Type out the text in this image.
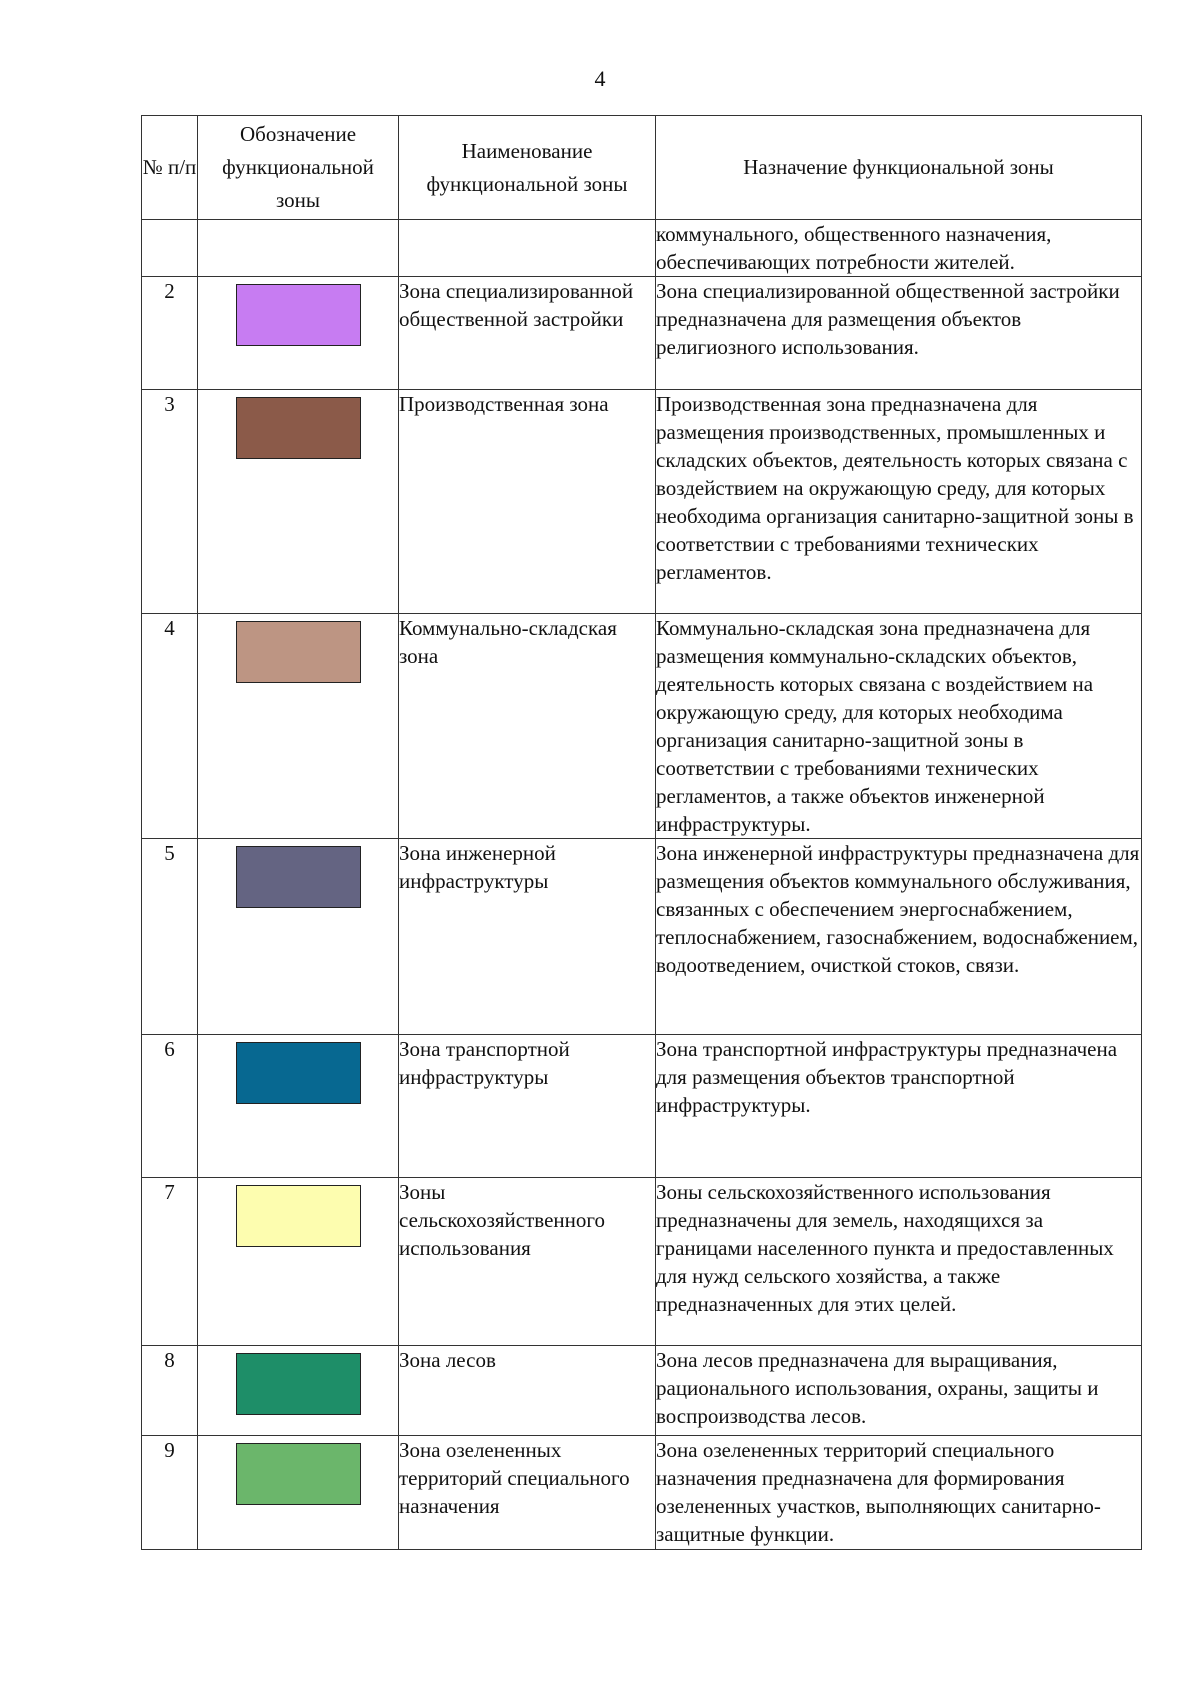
4
№ п/п	Обозначение функциональной зоны	Наименование функциональной зоны	Назначение функциональной зоны
			коммунального, общественного назначения, обеспечивающих потребности жителей.
2		Зона специализированной общественной застройки	Зона специализированной общественной застройки предназначена для размещения объектов религиозного использования.
3		Производственная зона	Производственная зона предназначена для размещения производственных, промышленных и складских объектов, деятельность которых связана с воздействием на окружающую среду, для которых необходима организация санитарно-защитной зоны в соответствии с требованиями технических регламентов.
4		Коммунально-складская зона	Коммунально-складская зона предназначена для размещения коммунально-складских объектов, деятельность которых связана с воздействием на окружающую среду, для которых необходима организация санитарно-защитной зоны в соответствии с требованиями технических регламентов, а также объектов инженерной инфраструктуры.
5		Зона инженерной инфраструктуры	Зона инженерной инфраструктуры предназначена для размещения объектов коммунального обслуживания, связанных с обеспечением энергоснабжением, теплоснабжением, газоснабжением, водоснабжением, водоотведением, очисткой стоков, связи.
6		Зона транспортной инфраструктуры	Зона транспортной инфраструктуры предназначена для размещения объектов транспортной инфраструктуры.
7		Зоны сельскохозяйственного использования	Зоны сельскохозяйственного использования предназначены для земель, находящихся за границами населенного пункта и предоставленных для нужд сельского хозяйства, а также предназначенных для этих целей.
8		Зона лесов	Зона лесов предназначена для выращивания, рационального использования, охраны, защиты и воспроизводства лесов.
9		Зона озелененных территорий специального назначения	Зона озелененных территорий специального назначения предназначена для формирования озелененных участков, выполняющих санитарно-защитные функции.
